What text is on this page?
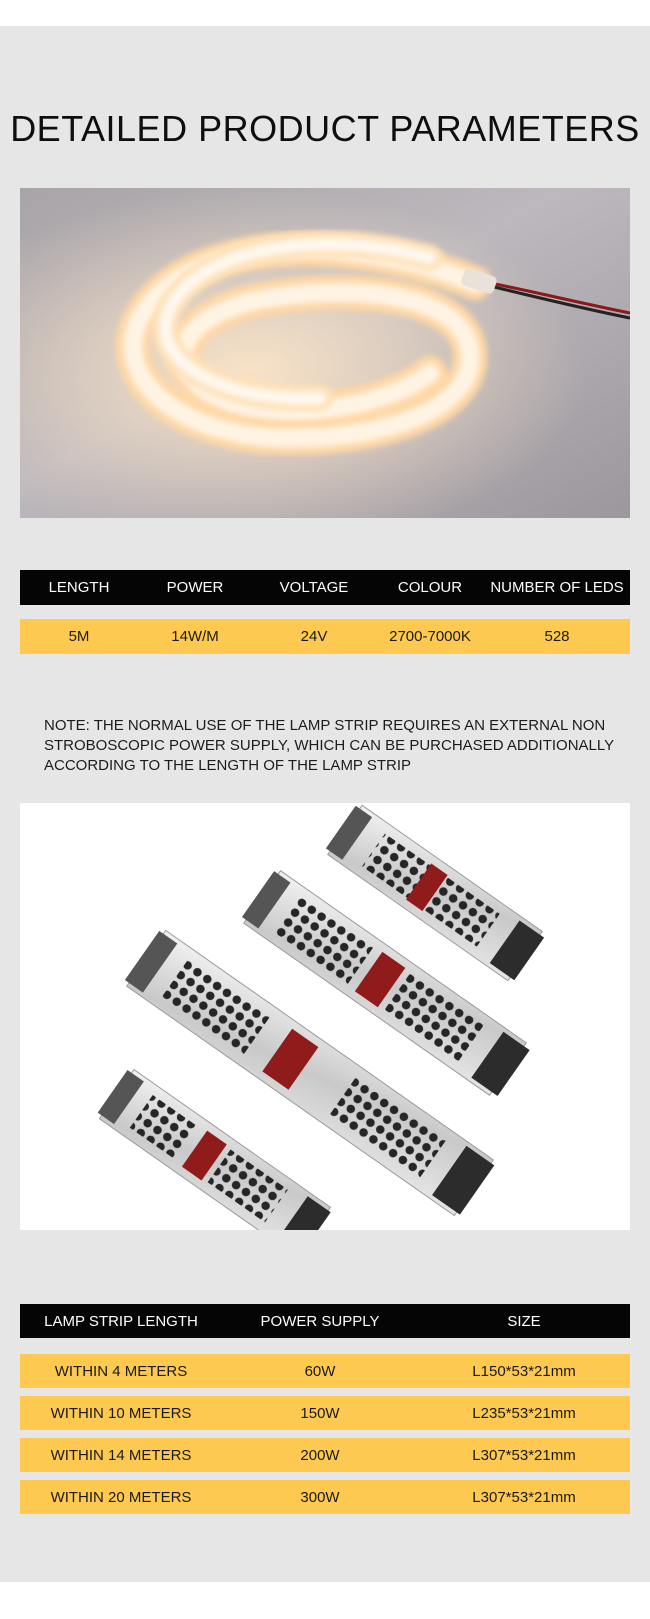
DETAILED PRODUCT PARAMETERS
LENGTH	POWER	VOLTAGE	COLOUR	NUMBER OF LEDS
5M	14W/M	24V	2700-7000K	528

NOTE: THE NORMAL USE OF THE LAMP STRIP REQUIRES AN EXTERNAL NON STROBOSCOPIC POWER SUPPLY, WHICH CAN BE PURCHASED ADDITIONALLY ACCORDING TO THE LENGTH OF THE LAMP STRIP

LAMP STRIP LENGTH	POWER SUPPLY	SIZE
WITHIN 4 METERS	60W	L150*53*21mm
WITHIN 10 METERS	150W	L235*53*21mm
WITHIN 14 METERS	200W	L307*53*21mm
WITHIN 20 METERS	300W	L307*53*21mm
